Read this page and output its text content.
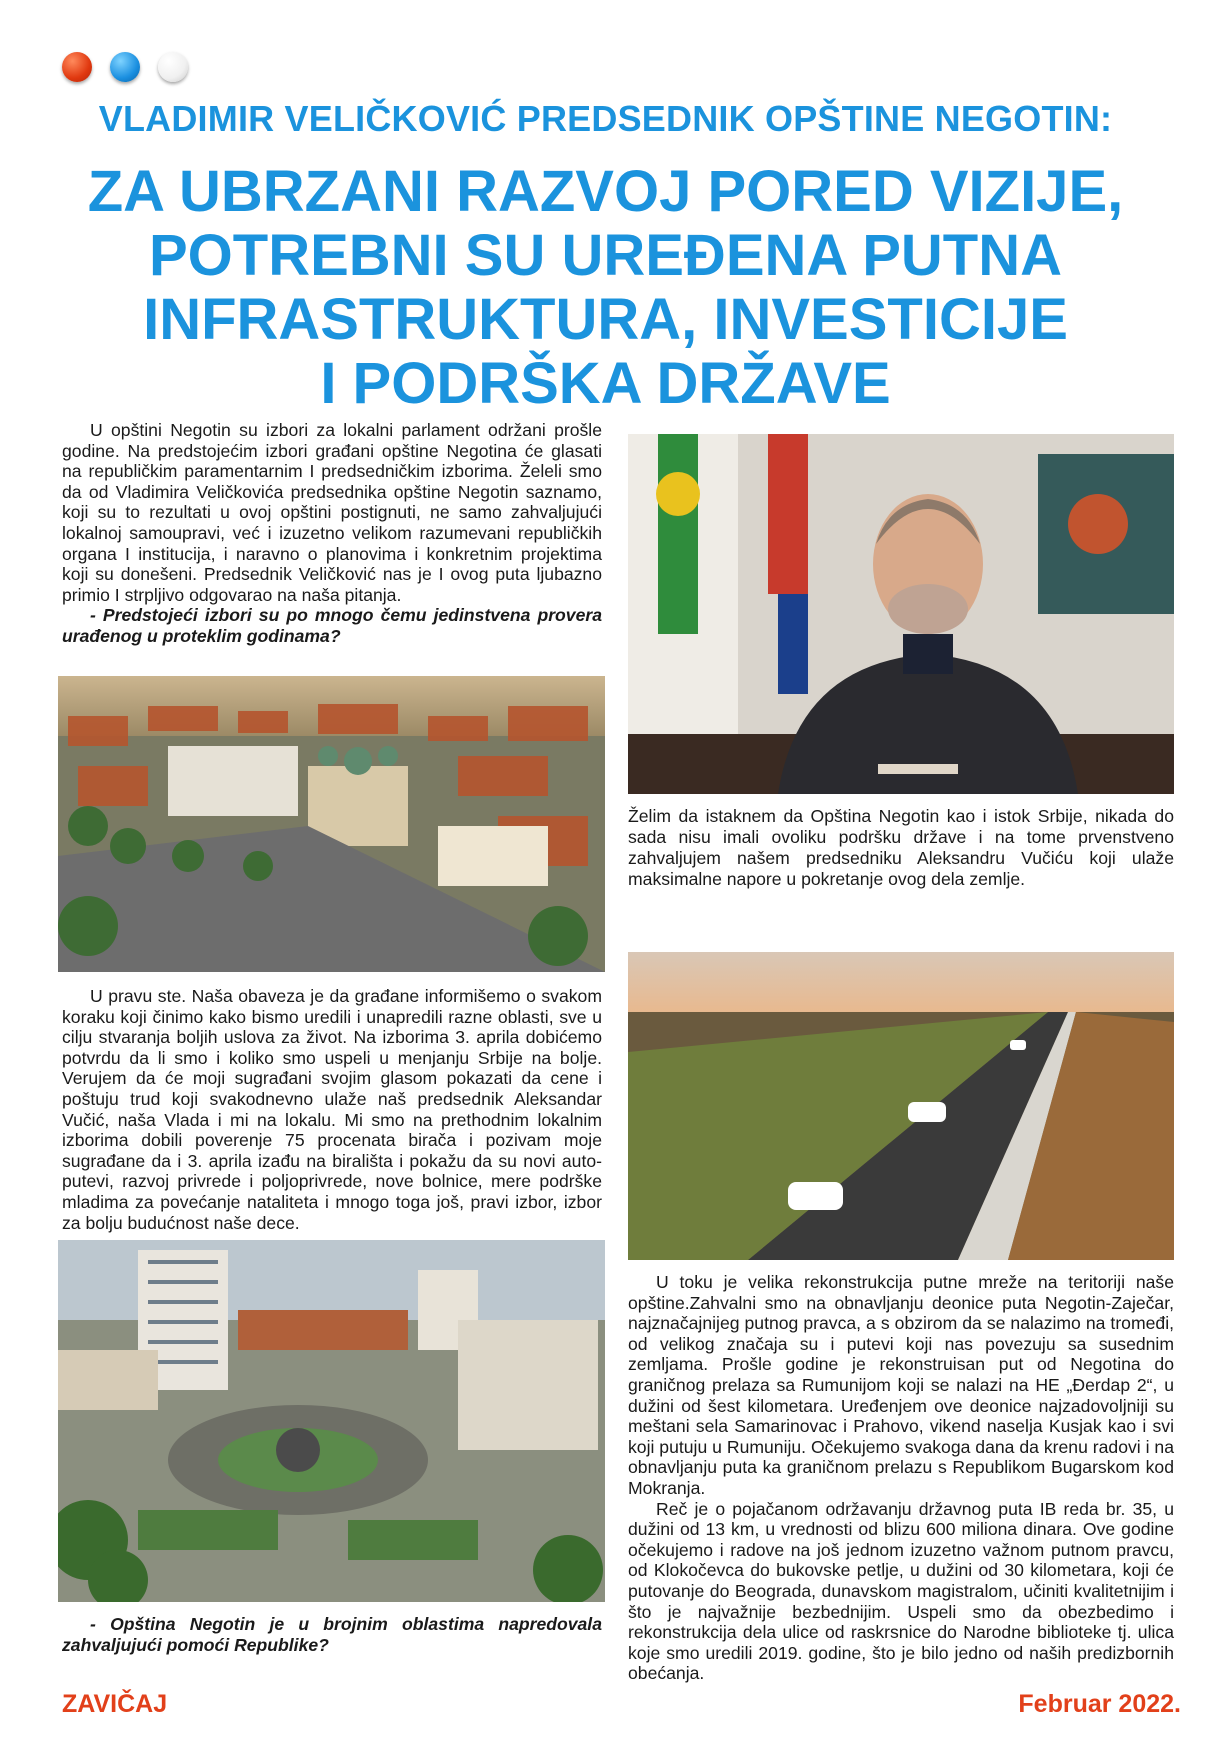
VLADIMIR VELIČKOVIĆ PREDSEDNIK OPŠTINE NEGOTIN:
ZA UBRZANI RAZVOJ PORED VIZIJE,
POTREBNI SU UREĐENA PUTNA
INFRASTRUKTURA, INVESTICIJE
I PODRŠKA DRŽAVE

U opštini Negotin su izbori za lokalni parlament održani prošle godine. Na predstojećim izbori građani opštine Negotina će glasati na republičkim paramentarnim I predsedničkim izborima. Želeli smo da od Vladimira Veličkovića predsednika opštine Negotin saznamo, koji su to rezultati u ovoj opštini postignuti, ne samo zahvaljujući lokalnoj samoupravi, već i izuzetno velikom razumevani republičkih organa I institucija, i naravno o planovima i konkretnim projektima koji su donešeni. Predsednik Veličković nas je I ovog puta ljubazno primio I strpljivo odgovarao na naša pitanja.

- Predstojeći izbori su po mnogo čemu jedinstvena provera urađenog u proteklim godinama?

U pravu ste. Naša obaveza je da građane informišemo o svakom koraku koji činimo kako bismo uredili i unapredili razne oblasti, sve u cilju stvaranja boljih uslova za život. Na izborima 3. aprila dobićemo potvrdu da li smo i koliko smo uspeli u menjanju Srbije na bolje. Verujem da će moji sugrađani svojim glasom pokazati da cene i poštuju trud koji svakodnevno ulaže naš predsednik Aleksandar Vučić, naša Vlada i mi na lokalu. Mi smo na prethodnim lokalnim izborima dobili poverenje 75 procenata birača i pozivam moje sugrađane da i 3. aprila izađu na birališta i pokažu da su novi auto-putevi, razvoj privrede i poljoprivrede, nove bolnice, mere podrške mladima za povećanje nataliteta i mnogo toga još, pravi izbor, izbor za bolju budućnost naše dece.

- Opština Negotin je u brojnim oblastima napredovala zahvaljujući pomoći Republike?

Želim da istaknem da Opština Negotin kao i istok Srbije, nikada do sada nisu imali ovoliku podršku države i na tome prvenstveno zahvaljujem našem predsedniku Aleksandru Vučiću koji ulaže maksimalne napore u pokretanje ovog dela zemlje.

U toku je velika rekonstrukcija putne mreže na teritoriji naše opštine.Zahvalni smo na obnavljanju deonice puta Negotin-Zaječar, najznačajnijeg putnog pravca, a s obzirom da se nalazimo na tromeđi, od velikog značaja su i putevi koji nas povezuju sa susednim zemljama. Prošle godine je rekonstruisan put od Negotina do graničnog prelaza sa Rumunijom koji se nalazi na HE „Đerdap 2“, u dužini od šest kilometara. Uređenjem ove deonice najzadovoljniji su meštani sela Samarinovac i Prahovo, vikend naselja Kusjak kao i svi koji putuju u Rumuniju. Očekujemo svakoga dana da krenu radovi i na obnavljanju puta ka graničnom prelazu s Republikom Bugarskom kod Mokranja.

Reč je o pojačanom održavanju državnog puta IB reda br. 35, u dužini od 13 km, u vrednosti od blizu 600 miliona dinara. Ove godine očekujemo i radove na još jednom izuzetno važnom putnom pravcu, od Klokočevca do bukovske petlje, u dužini od 30 kilometara, koji će putovanje do Beograda, dunavskom magistralom, učiniti kvalitetnijim i što je najvažnije bezbednijim. Uspeli smo da obezbedimo i rekonstrukcija dela ulice od raskrsnice do Narodne biblioteke tj. ulica koje smo uredili 2019. godine, što je bilo jedno od naših predizbornih obećanja.

ZAVIČAJ	Februar 2022.
